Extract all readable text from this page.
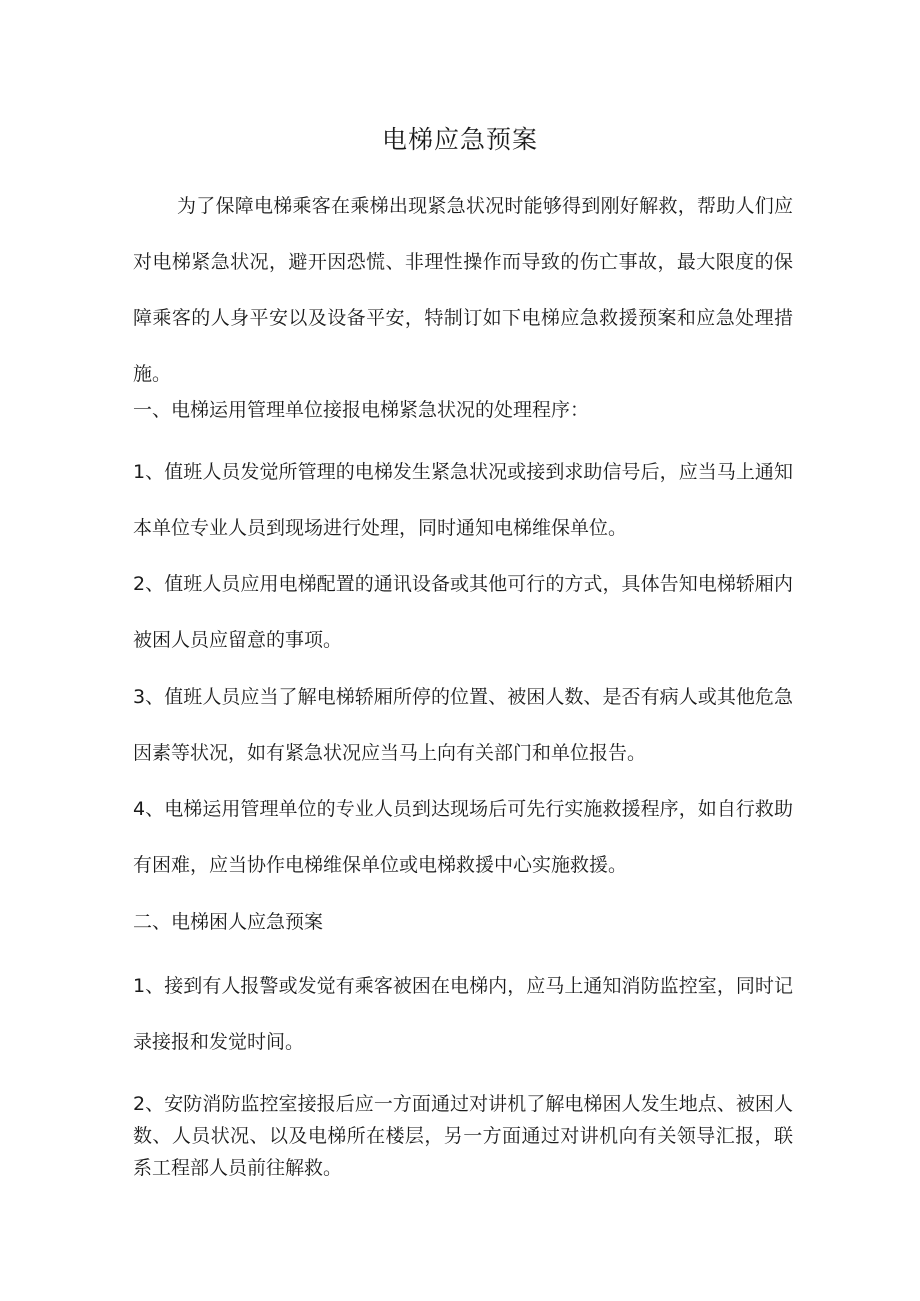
电梯应急预案

为了保障电梯乘客在乘梯出现紧急状况时能够得到刚好解救，帮助人们应对电梯紧急状况，避开因恐慌、非理性操作而导致的伤亡事故，最大限度的保障乘客的人身平安以及设备平安，特制订如下电梯应急救援预案和应急处理措施。

一、电梯运用管理单位接报电梯紧急状况的处理程序：

1、值班人员发觉所管理的电梯发生紧急状况或接到求助信号后，应当马上通知本单位专业人员到现场进行处理，同时通知电梯维保单位。

2、值班人员应用电梯配置的通讯设备或其他可行的方式，具体告知电梯轿厢内被困人员应留意的事项。

3、值班人员应当了解电梯轿厢所停的位置、被困人数、是否有病人或其他危急因素等状况，如有紧急状况应当马上向有关部门和单位报告。

4、电梯运用管理单位的专业人员到达现场后可先行实施救援程序，如自行救助有困难，应当协作电梯维保单位或电梯救援中心实施救援。

二、电梯困人应急预案

1、接到有人报警或发觉有乘客被困在电梯内，应马上通知消防监控室，同时记录接报和发觉时间。

2、安防消防监控室接报后应一方面通过对讲机了解电梯困人发生地点、被困人数、人员状况、以及电梯所在楼层，另一方面通过对讲机向有关领导汇报，联系工程部人员前往解救。
